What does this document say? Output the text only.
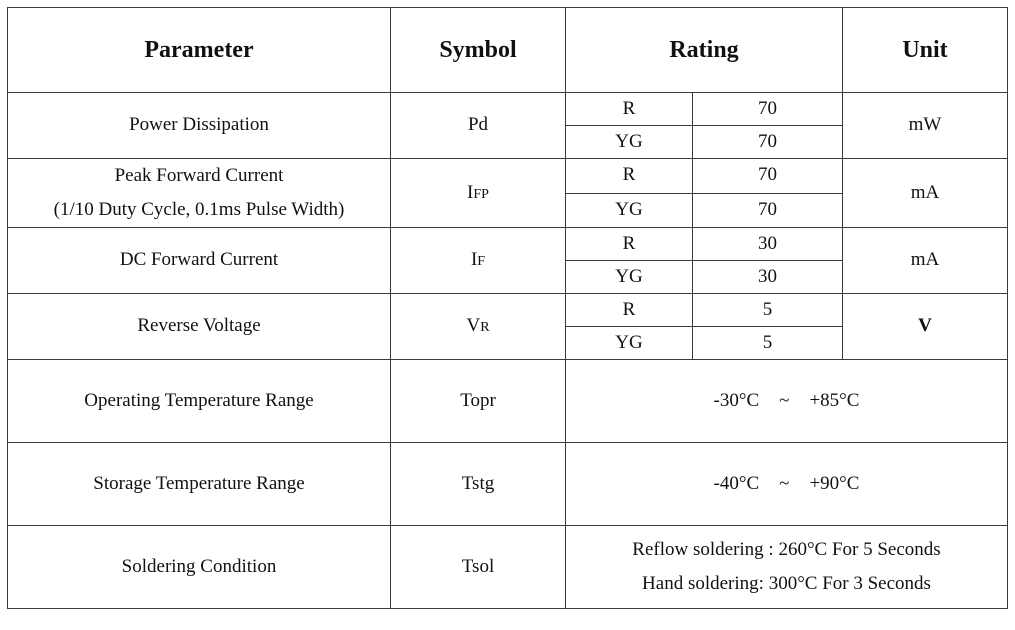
Parameter	Symbol	Rating		Unit
Power Dissipation	Pd	R	70	mW
		YG	70	

Peak Forward Current
(1/10 Duty Cycle, 0.1ms Pulse Width)	IFP	R	70	mA
		YG	70	
DC Forward Current	IF	R	30	mA
		YG	30	
Reverse Voltage	VR	R	5	V
		YG	5	
Operating Temperature Range	Topr	-30°C ~ +85°C		
Storage Temperature Range	Tstg	-40°C ~ +90°C		
Soldering Condition	Tsol	Reflow soldering : 260°C For 5 Seconds
Hand soldering: 300°C For 3 Seconds		
